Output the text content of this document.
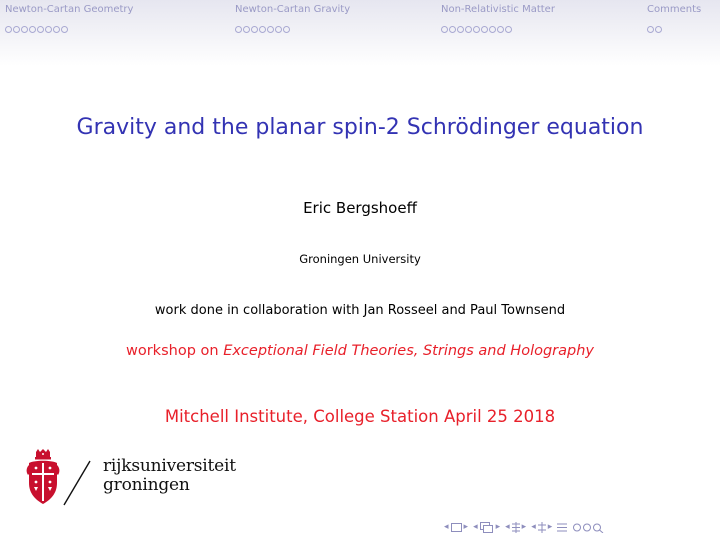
Newton-Cartan Geometry	Newton-Cartan Gravity	Non-Relativistic Matter	Comments
Gravity and the planar spin-2 Schrödinger equation
Eric Bergshoeff
Groningen University
work done in collaboration with Jan Rosseel and Paul Townsend
workshop on Exceptional Field Theories, Strings and Holography
Mitchell Institute, College Station April 25 2018
rijksuniversiteit
groningen
◂ ▸ ◂ ▸ ◂ ▸ ◂ ▸
